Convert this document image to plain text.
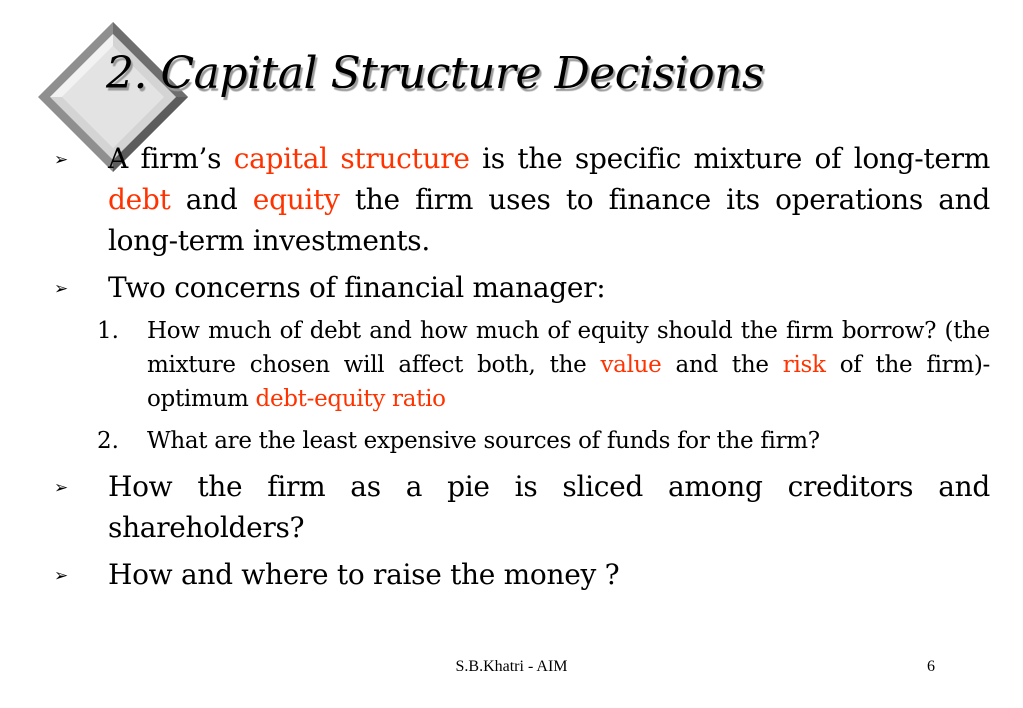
2. Capital Structure Decisions
➢ A firm’s capital structure is the specific mixture of long-term debt and equity the firm uses to finance its operations and long-term investments.
➢ Two concerns of financial manager:
1. How much of debt and how much of equity should the firm borrow? (the mixture chosen will affect both, the value and the risk of the firm)- optimum debt-equity ratio
2. What are the least expensive sources of funds for the firm?
➢ How the firm as a pie is sliced among creditors and shareholders?
➢ How and where to raise the money ?
S.B.Khatri - AIM	6
